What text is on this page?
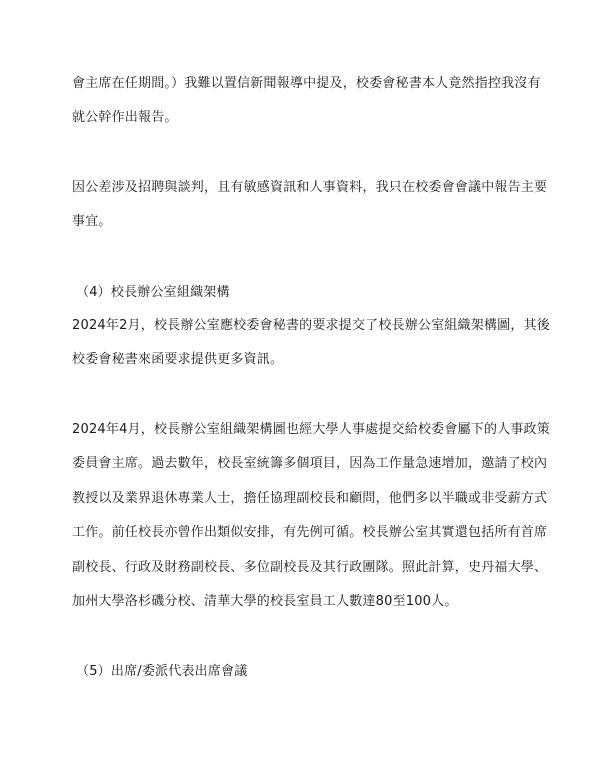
會主席在任期間。）我難以置信新聞報導中提及，校委會秘書本人竟然指控我沒有
就公幹作出報告。
因公差涉及招聘與談判，且有敏感資訊和人事資料，我只在校委會會議中報告主要
事宜。
（4）校長辦公室組織架構
2024年2月，校長辦公室應校委會秘書的要求提交了校長辦公室組織架構圖，其後
校委會秘書來函要求提供更多資訊。
2024年4月，校長辦公室組織架構圖也經大學人事處提交給校委會屬下的人事政策
委員會主席。過去數年，校長室統籌多個項目，因為工作量急速增加，邀請了校內
教授以及業界退休專業人士，擔任協理副校長和顧問，他們多以半職或非受薪方式
工作。前任校長亦曾作出類似安排，有先例可循。校長辦公室其實還包括所有首席
副校長、行政及財務副校長、多位副校長及其行政團隊。照此計算，史丹福大學、
加州大學洛杉磯分校、清華大學的校長室員工人數達80至100人。
（5）出席/委派代表出席會議
